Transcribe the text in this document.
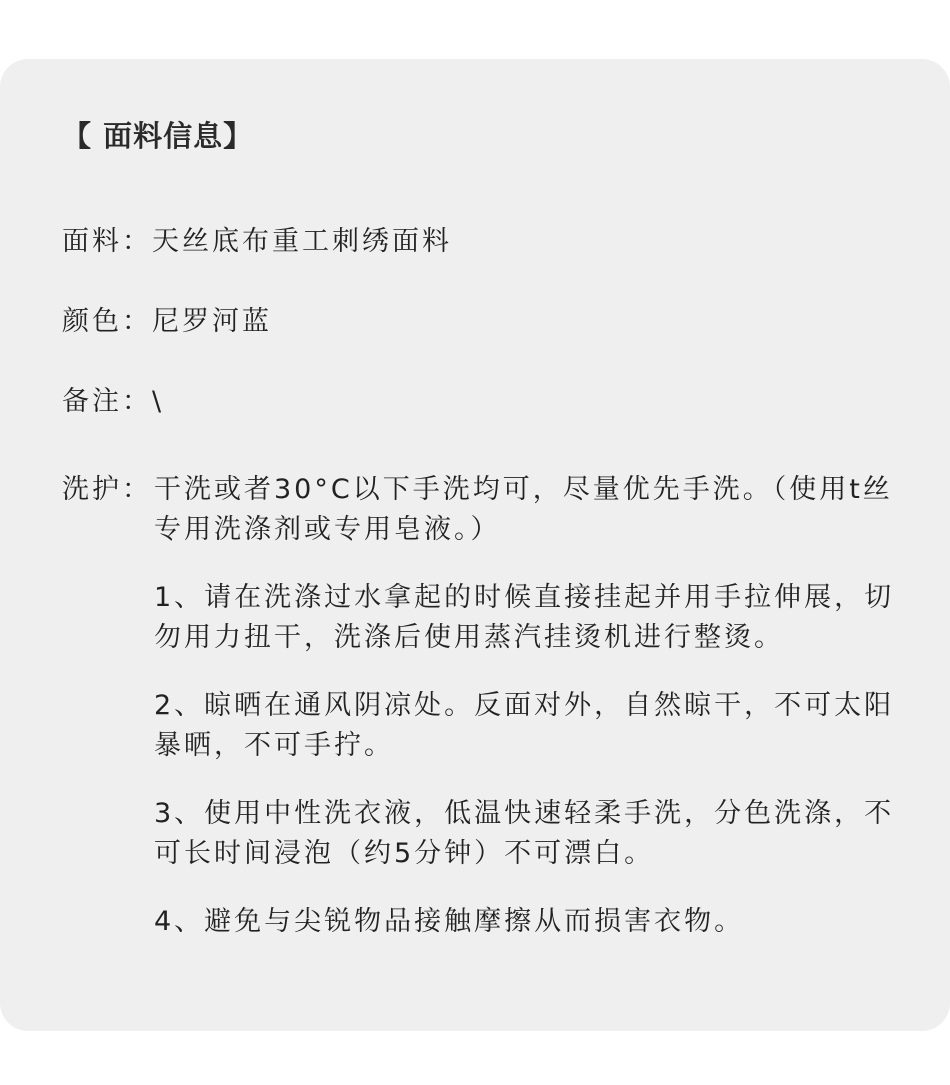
【 面料信息】
面料：天丝底布重工刺绣面料
颜色：尼罗河蓝
备注：\
洗护： 干洗或者30°C以下手洗均可，尽量优先手洗。（使用t丝专用洗涤剂或专用皂液。）

1、请在洗涤过水拿起的时候直接挂起并用手拉伸展，切勿用力扭干，洗涤后使用蒸汽挂烫机进行整烫。

2、晾晒在通风阴凉处。反面对外，自然晾干，不可太阳暴晒，不可手拧。

3、使用中性洗衣液，低温快速轻柔手洗，分色洗涤，不可长时间浸泡（约5分钟）不可漂白。

4、避免与尖锐物品接触摩擦从而损害衣物。
